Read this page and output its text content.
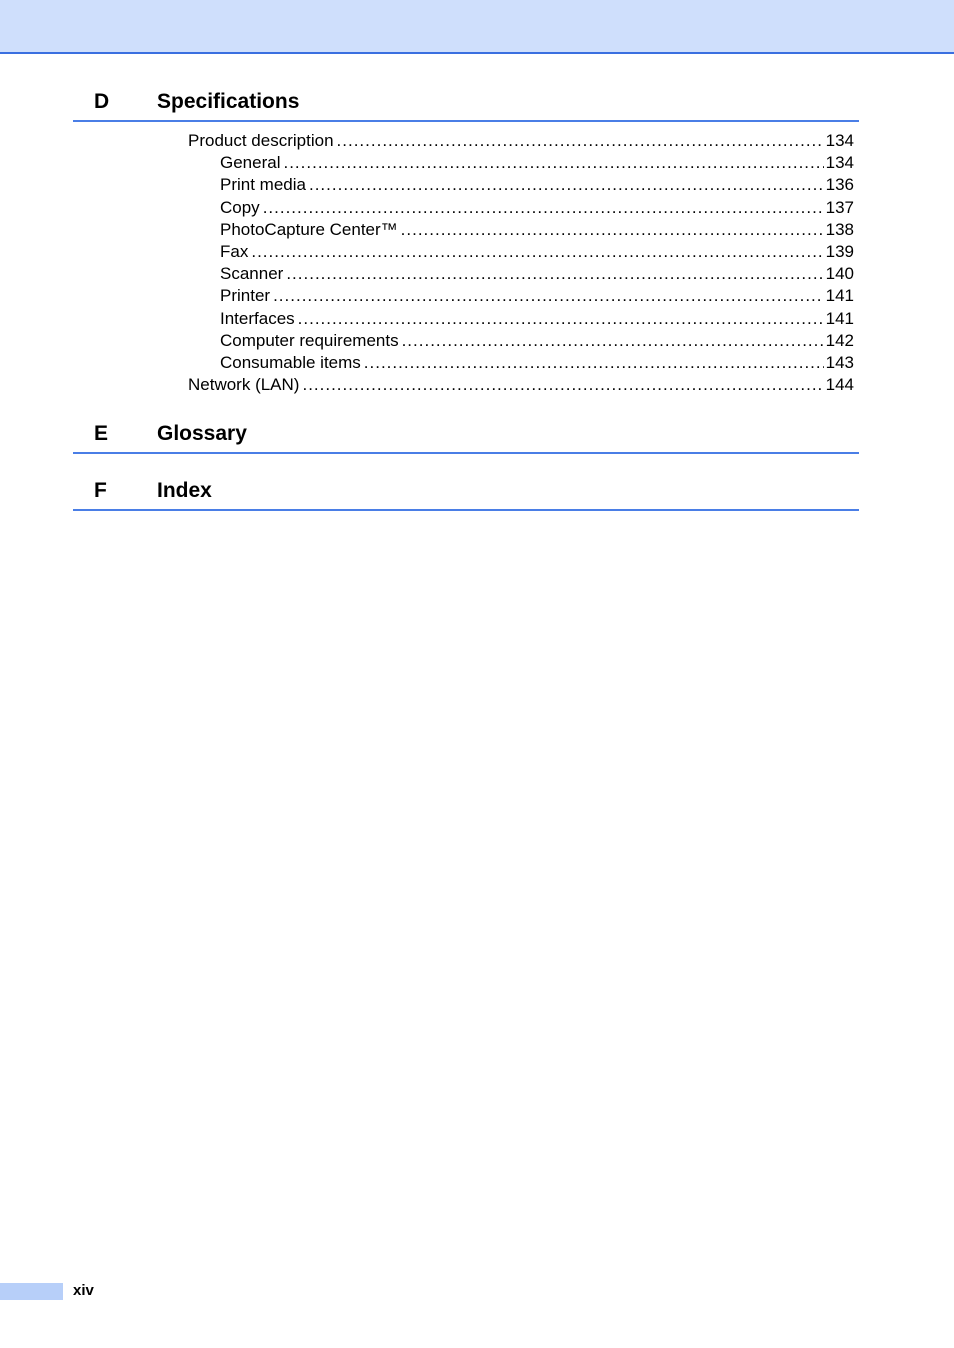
D Specifications
Product description .....	134
General .....	134
Print media .....	136
Copy .....	137
PhotoCapture Center™ .....	138
Fax .....	139
Scanner .....	140
Printer .....	141
Interfaces .....	141
Computer requirements .....	142
Consumable items .....	143
Network (LAN) .....	144
E Glossary
F Index
xiv
